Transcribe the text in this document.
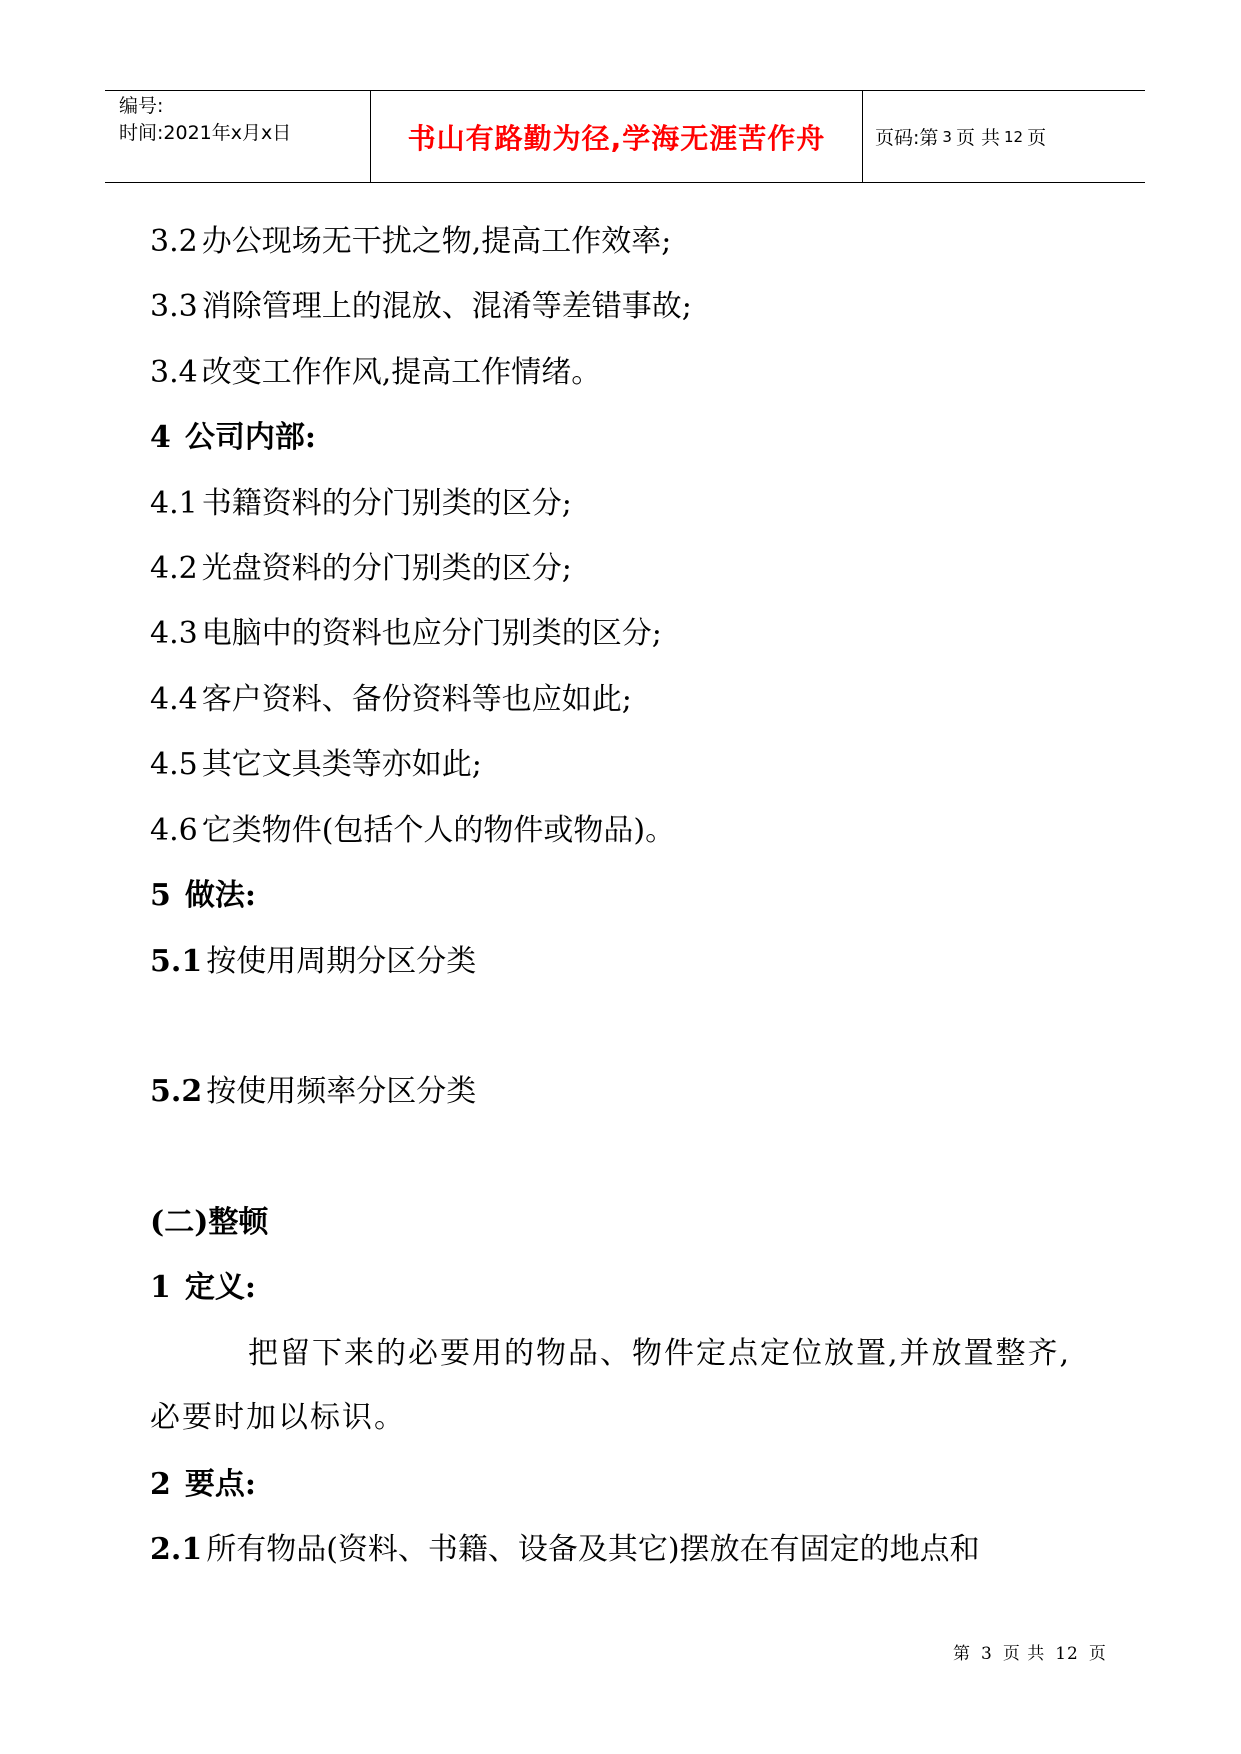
编号:
时间:2021年x月x日	书山有路勤为径,学海无涯苦作舟	页码:第 3 页 共 12 页
3.2 办公现场无干扰之物,提高工作效率;
3.3 消除管理上的混放、混淆等差错事故;
3.4 改变工作作风,提高工作情绪。
4 公司内部:
4.1 书籍资料的分门别类的区分;
4.2 光盘资料的分门别类的区分;
4.3 电脑中的资料也应分门别类的区分;
4.4 客户资料、备份资料等也应如此;
4.5 其它文具类等亦如此;
4.6 它类物件(包括个人的物件或物品)。
5 做法:
5.1 按使用周期分区分类
5.2 按使用频率分区分类
(二)整顿
1 定义:
把留下来的必要用的物品、物件定点定位放置,并放置整齐,必要时加以标识。
2 要点:
2.1 所有物品(资料、书籍、设备及其它)摆放在有固定的地点和
第 3 页 共 12 页
